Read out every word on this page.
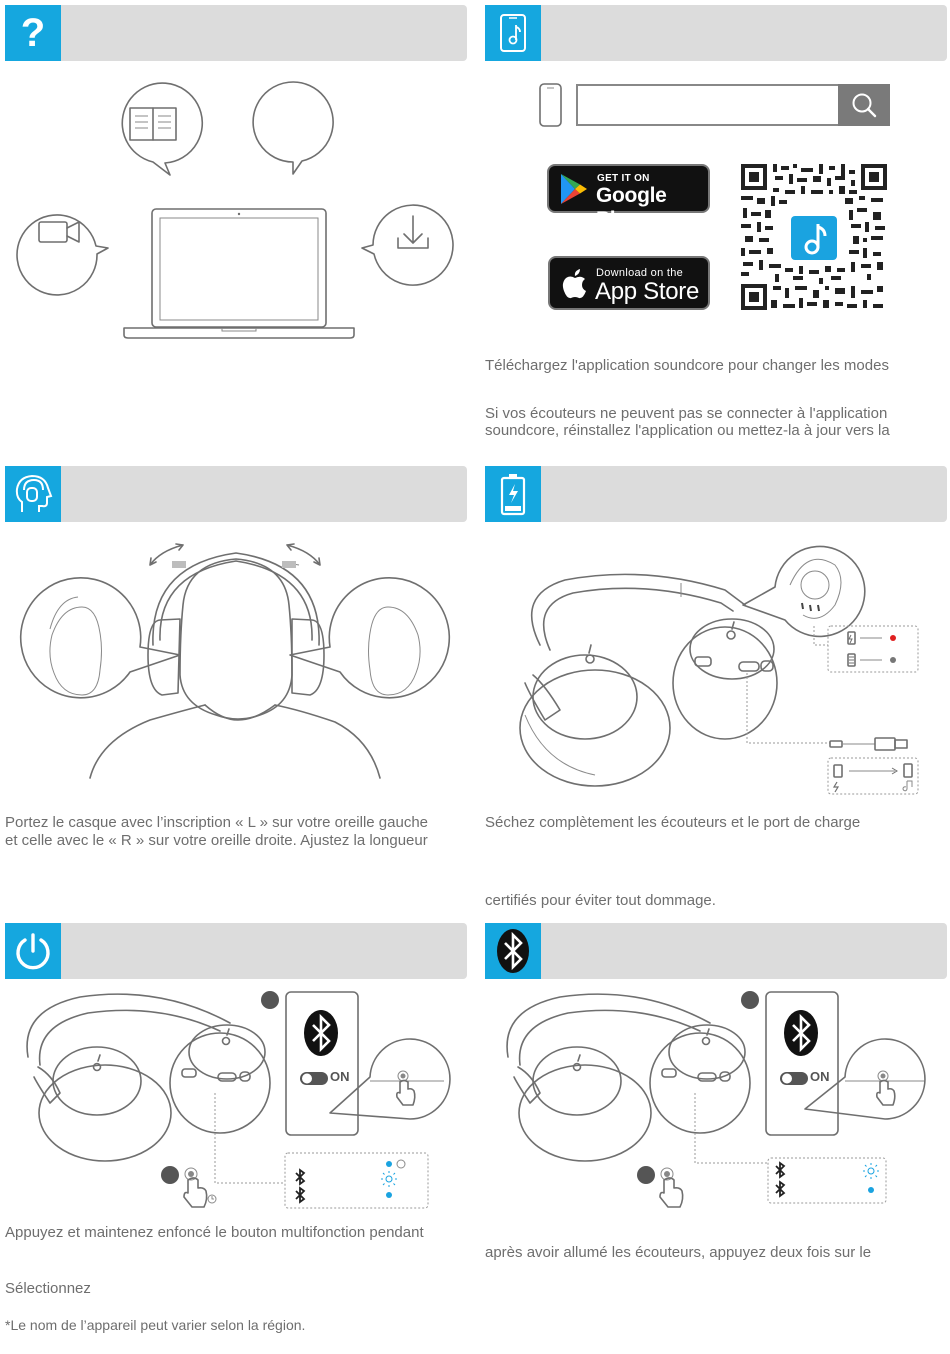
?
GET IT ON
Google Play
Download on the
App Store
Téléchargez l'application soundcore pour changer les modes
Si vos écouteurs ne peuvent pas se connecter à l'application
soundcore, réinstallez l'application ou mettez-la à jour vers la
Portez le casque avec l’inscription « L » sur votre oreille gauche
et celle avec le « R » sur votre oreille droite. Ajustez la longueur
Séchez complètement les écouteurs et le port de charge
certifiés pour éviter tout dommage.
ON
Appuyez et maintenez enfoncé le bouton multifonction pendant
Sélectionnez
*Le nom de l’appareil peut varier selon la région.
ON
après avoir allumé les écouteurs, appuyez deux fois sur le
